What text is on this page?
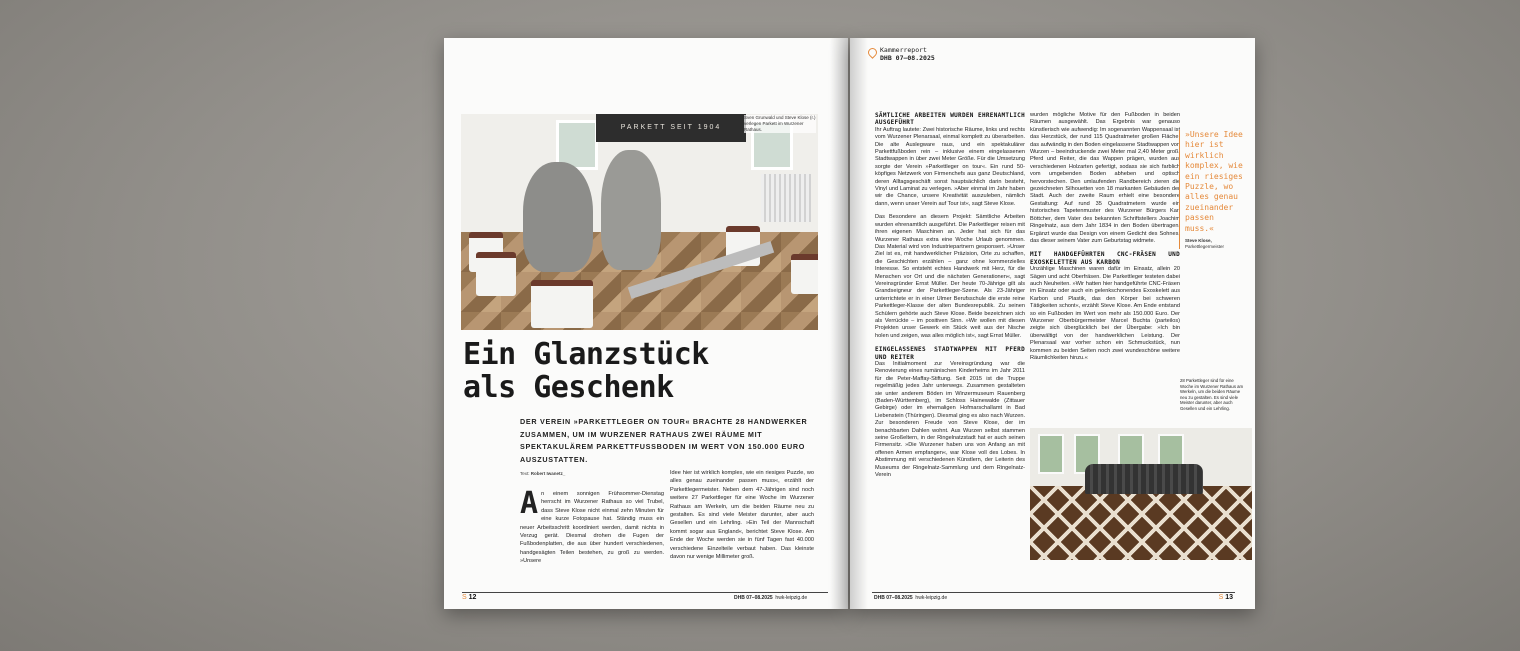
PARKETT SEIT 1904
Sven Grunwald und Steve Klose (r.) verlegen Parkett im Wurzener Rathaus.
Ein Glanzstück
als Geschenk

DER VEREIN »PARKETTLEGER ON TOUR« BRACHTE 28 HANDWERKER ZUSAMMEN, UM IM WURZENER RATHAUS ZWEI RÄUME MIT SPEKTAKULÄREM PARKETTFUSSBODEN IM WERT VON 150.000 EURO AUSZUSTATTEN.

Text: Robert Iwanetz_
A n einem sonnigen Frühsommer-Dienstag herrscht im Wurzener Rathaus so viel Trubel, dass Steve Klose nicht einmal zehn Minuten für eine kurze Fotopause hat. Ständig muss ein neuer Arbeitsschritt koordiniert werden, damit nichts in Verzug gerät. Diesmal drohen die Fugen der Fußbodenplatten, die aus über hundert verschiedenen, handgesägten Teilen bestehen, zu groß zu werden. »Unsere
Idee hier ist wirklich komplex, wie ein riesiges Puzzle, wo alles genau zueinander passen muss«, erzählt der Parkettlegermeister. Neben dem 47-Jährigen sind noch weitere 27 Parkettleger für eine Woche im Wurzener Rathaus am Werkeln, um die beiden Räume neu zu gestalten. Es sind viele Meister darunter, aber auch Gesellen und ein Lehrling. »Ein Teil der Mannschaft kommt sogar aus England«, berichtet Steve Klose. Am Ende der Woche werden sie in fünf Tagen fast 40.000 verschiedene Einzelteile verbaut haben. Das kleinste davon nur wenige Millimeter groß.
S 12	DHB 07–08.2025 hwk-leipzig.de
Kammerreport
DHB 07–08.2025
SÄMTLICHE ARBEITEN WURDEN EHRENAMTLICH AUSGEFÜHRT

Ihr Auftrag lautete: Zwei historische Räume, links und rechts vom Wurzener Plenarsaal, einmal komplett zu überarbeiten. Die alte Auslegware raus, und ein spektakulärer Parkettfußboden rein – inklusive einem eingelassenen Stadtwappen in über zwei Meter Größe. Für die Umsetzung sorgte der Verein »Parkettleger on tour«. Ein rund 50-köpfiges Netzwerk von Firmenchefs aus ganz Deutschland, deren Alltagsgeschäft sonst hauptsächlich darin besteht, Vinyl und Laminat zu verlegen. »Aber einmal im Jahr haben wir die Chance, unsere Kreativität auszuleben, nämlich dann, wenn unser Verein auf Tour ist«, sagt Steve Klose.

Das Besondere an diesem Projekt: Sämtliche Arbeiten wurden ehrenamtlich ausgeführt. Die Parkettleger reisen mit ihren eigenen Maschinen an. Jeder hat sich für das Wurzener Rathaus extra eine Woche Urlaub genommen. Das Material wird von Industriepartnern gesponsert. »Unser Ziel ist es, mit handwerklicher Präzision, Orte zu schaffen, die Geschichten erzählen – ganz ohne kommerzielles Interesse. So entsteht echtes Handwerk mit Herz, für die Menschen vor Ort und die nächsten Generationen«, sagt Vereinsgründer Ernst Müller. Der heute 70-Jährige gilt als Grandseigneur der Parkettleger-Szene. Als 23-Jähriger unterrichtete er in einer Ulmer Berufsschule die erste reine Parkettleger-Klasse der alten Bundesrepublik. Zu seinen Schülern gehörte auch Steve Klose. Beide bezeichnen sich als Verrückte – im positiven Sinn. »Wir wollen mit diesen Projekten unser Gewerk ein Stück weit aus der Nische holen und zeigen, was alles möglich ist«, sagt Ernst Müller.

EINGELASSENES STADTWAPPEN MIT PFERD UND REITER

Das Initialmoment zur Vereinsgründung war die Renovierung eines rumänischen Kinderheims im Jahr 2011 für die Peter-Maffay-Stiftung. Seit 2015 ist die Truppe regelmäßig jedes Jahr unterwegs. Zusammen gestalteten sie unter anderem Böden im Winzermuseum Rauenberg (Baden-Württemberg), im Schloss Hainewalde (Zittauer Gebirge) oder im ehemaligen Hofmarschallamt in Bad Liebenstein (Thüringen). Diesmal ging es also nach Wurzen. Zur besonderen Freude von Steve Klose, der im benachbarten Dahlen wohnt. Aus Wurzen selbst stammen seine Großeltern, in der Ringelnatzstadt hat er auch seinen Firmensitz. »Die Wurzener haben uns von Anfang an mit offenen Armen empfangen«, war Klose voll des Lobes. In Abstimmung mit verschiedenen Künstlern, der Leiterin des Museums der Ringelnatz-Sammlung und dem Ringelnatz-Verein

wurden mögliche Motive für den Fußboden in beiden Räumen ausgewählt. Das Ergebnis war genauso künstlerisch wie aufwendig: Im sogenannten Wappensaal ist das Herzstück, der rund 115 Quadratmeter großen Fläche, das aufwändig in den Boden eingelassene Stadtwappen von Wurzen – beeindruckende zwei Meter mal 2,40 Meter groß. Pferd und Reiter, die das Wappen prägen, wurden aus verschiedenen Holzarten gefertigt, sodass sie sich farblich vom umgebenden Boden abheben und optisch hervorstechen. Den umlaufenden Randbereich zieren die gezeichneten Silhouetten von 18 markanten Gebäuden der Stadt. Auch der zweite Raum erhielt eine besondere Gestaltung: Auf rund 35 Quadratmetern wurde ein historisches Tapetenmuster des Wurzener Bürgers Karl Böttcher, dem Vater des bekannten Schriftstellers Joachim Ringelnatz, aus dem Jahr 1834 in den Boden übertragen. Ergänzt wurde das Design von einem Gedicht des Sohnes, das dieser seinem Vater zum Geburtstag widmete.

MIT HANDGEFÜHRTEN CNC-FRÄSEN UND EXOSKELETTEN AUS KARBON

Unzählige Maschinen waren dafür im Einsatz, allein 20 Sägen und acht Oberfräsen. Die Parkettleger testeten dabei auch Neuheiten. »Wir hatten hier handgeführte CNC-Fräsen im Einsatz oder auch ein gelenkschonendes Exoskelett aus Karbon und Plastik, das den Körper bei schweren Tätigkeiten schont«, erzählt Steve Klose. Am Ende entstand so ein Fußboden im Wert von mehr als 150.000 Euro. Der Wurzener Oberbürgermeister Marcel Buchta (parteilos) zeigte sich überglücklich bei der Übergabe: »Ich bin überwältigt von der handwerklichen Leistung. Der Plenarsaal war vorher schon ein Schmuckstück, nun kommen zu beiden Seiten noch zwei wundeschöne weitere Räumlichkeiten hinzu.«

»Unsere Idee hier ist wirklich komplex, wie ein riesiges Puzzle, wo alles genau zueinander passen muss.«
Steve Klose,
Parkettlegermeister
28 Parkettleger sind für eine Woche im Wurzener Rathaus am Werkeln, um die beiden Räume neu zu gestalten. Es sind viele Meister darunter, aber auch Gesellen und ein Lehrling.
DHB 07–08.2025 hwk-leipzig.de	S 13
